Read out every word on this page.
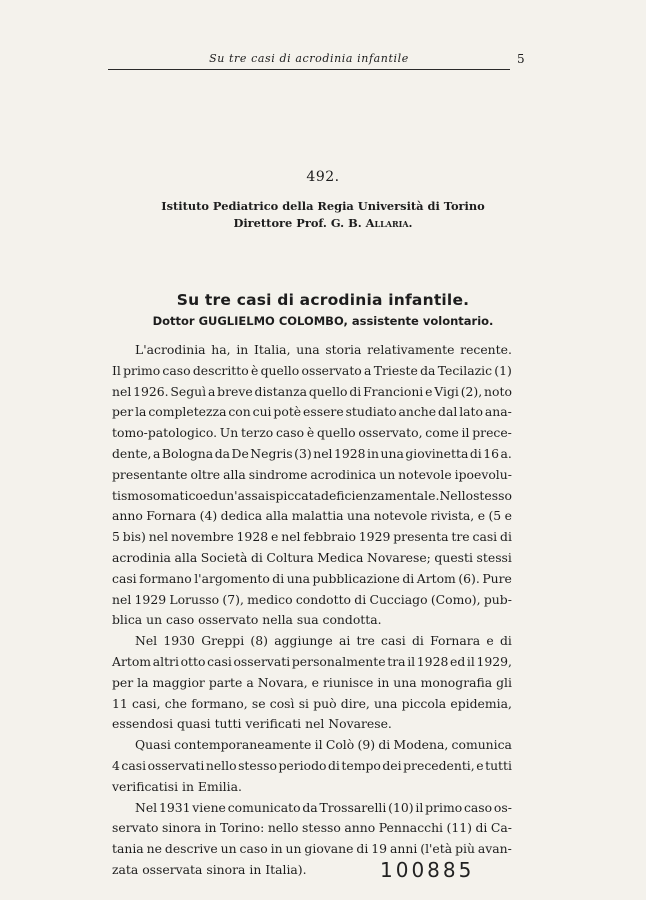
Su tre casi di acrodinia infantile	5
492.
Istituto Pediatrico della Regia Università di Torino
Direttore Prof. G. B. Allaria.
Su tre casi di acrodinia infantile.
Dottor GUGLIELMO COLOMBO, assistente volontario.
L'acrodinia ha, in Italia, una storia relativamente recente.
Il primo caso descritto è quello osservato a Trieste da Tecilazic (1)
nel 1926. Seguì a breve distanza quello di Francioni e Vigi (2), noto
per la completezza con cui potè essere studiato anche dal lato ana-
tomo-patologico. Un terzo caso è quello osservato, come il prece-
dente, a Bologna da De Negris (3) nel 1928 in una giovinetta di 16 a.
presentante oltre alla sindrome acrodinica un notevole ipoevolu-
tismo somatico ed un'assai spiccata deficienza mentale. Nello stesso
anno Fornara (4) dedica alla malattia una notevole rivista, e (5 e
5 bis) nel novembre 1928 e nel febbraio 1929 presenta tre casi di
acrodinia alla Società di Coltura Medica Novarese; questi stessi
casi formano l'argomento di una pubblicazione di Artom (6). Pure
nel 1929 Lorusso (7), medico condotto di Cucciago (Como), pub-
blica un caso osservato nella sua condotta.
Nel 1930 Greppi (8) aggiunge ai tre casi di Fornara e di
Artom altri otto casi osservati personalmente tra il 1928 ed il 1929,
per la maggior parte a Novara, e riunisce in una monografia gli
11 casi, che formano, se così si può dire, una piccola epidemia,
essendosi quasi tutti verificati nel Novarese.
Quasi contemporaneamente il Colò (9) di Modena, comunica
4 casi osservati nello stesso periodo di tempo dei precedenti, e tutti
verificatisi in Emilia.
Nel 1931 viene comunicato da Trossarelli (10) il primo caso os-
servato sinora in Torino: nello stesso anno Pennacchi (11) di Ca-
tania ne descrive un caso in un giovane di 19 anni (l'età più avan-
zata osservata sinora in Italia).	100885
